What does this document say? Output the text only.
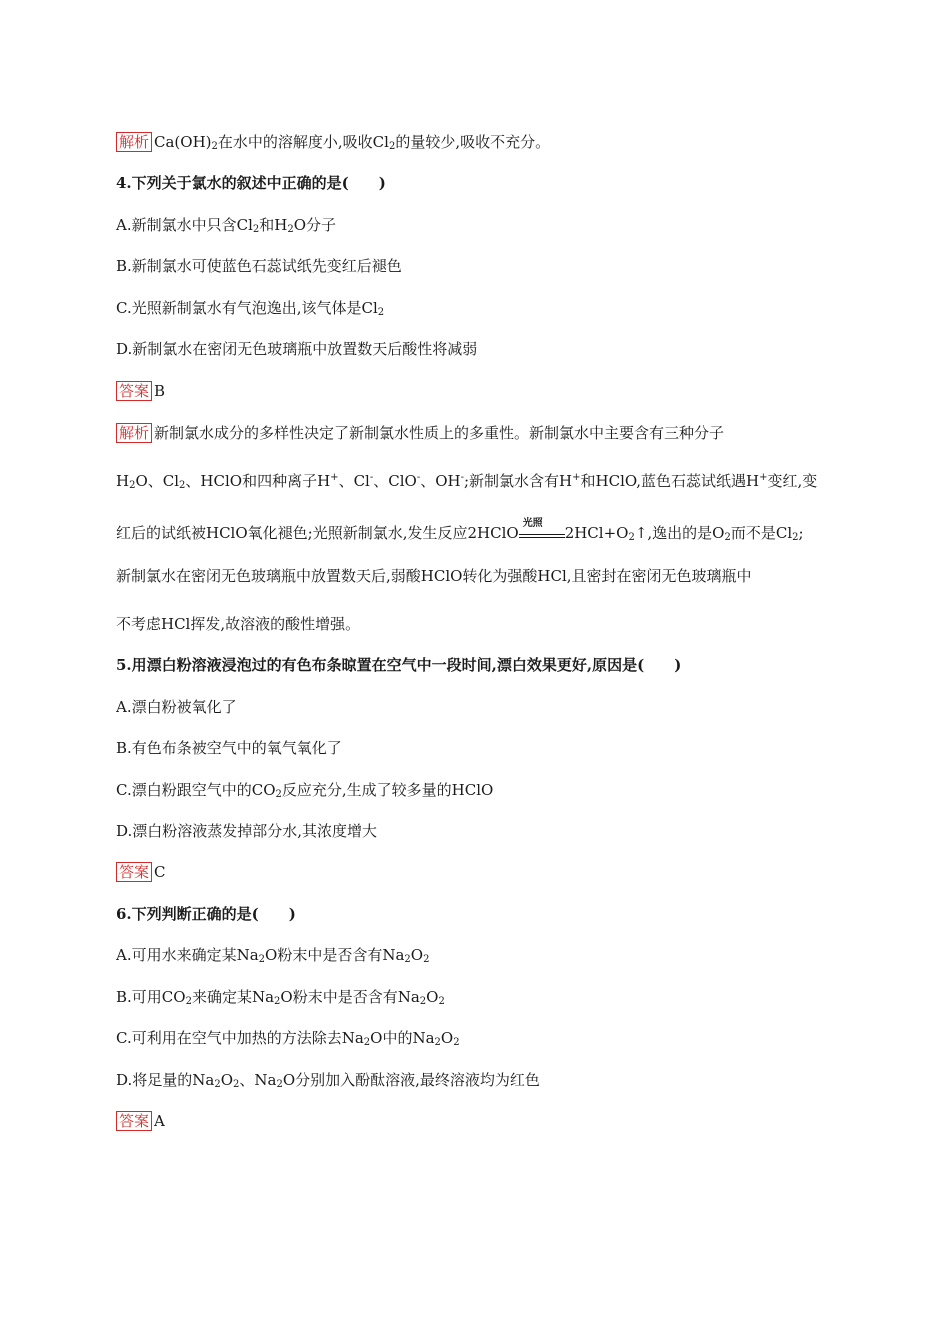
解析 $Ca(OH)_2$在水中的溶解度小,吸收$Cl_2$的量较少,吸收不充分。
4.下列关于氯水的叙述中正确的是(　　)
A.新制氯水中只含$Cl_2$和$H_2O$分子
B.新制氯水可使蓝色石蕊试纸先变红后褪色
C.光照新制氯水有气泡逸出,该气体是$Cl_2$
D.新制氯水在密闭无色玻璃瓶中放置数天后酸性将减弱
答案 B
解析 新制氯水成分的多样性决定了新制氯水性质上的多重性。新制氯水中主要含有三种分子
$H_2O$、$Cl_2$、HClO和四种离子H+、Cl-、ClO-、OH-;新制氯水含有H+和HClO,蓝色石蕊试纸遇H+变红,变
红后的试纸被HClO氧化褪色;光照新制氯水,发生反应2HClO
光照
$2HCl+O_2↑$,逸出的是$O_2$而不是$Cl_2$;
新制氯水在密闭无色玻璃瓶中放置数天后,弱酸HClO转化为强酸HCl,且密封在密闭无色玻璃瓶中
不考虑HCl挥发,故溶液的酸性增强。
5.用漂白粉溶液浸泡过的有色布条晾置在空气中一段时间,漂白效果更好,原因是(　　)
A.漂白粉被氧化了
B.有色布条被空气中的氧气氧化了
C.漂白粉跟空气中的$CO_2$反应充分,生成了较多量的HClO
D.漂白粉溶液蒸发掉部分水,其浓度增大
答案 C
6.下列判断正确的是(　　)
A.可用水来确定某$Na_2O$粉末中是否含有$Na_2O_2$
B.可用$CO_2$来确定某$Na_2O$粉末中是否含有$Na_2O_2$
C.可利用在空气中加热的方法除去$Na_2O$中的$Na_2O_2$
D.将足量的$Na_2O_2$、$Na_2O$分别加入酚酞溶液,最终溶液均为红色
答案 A
